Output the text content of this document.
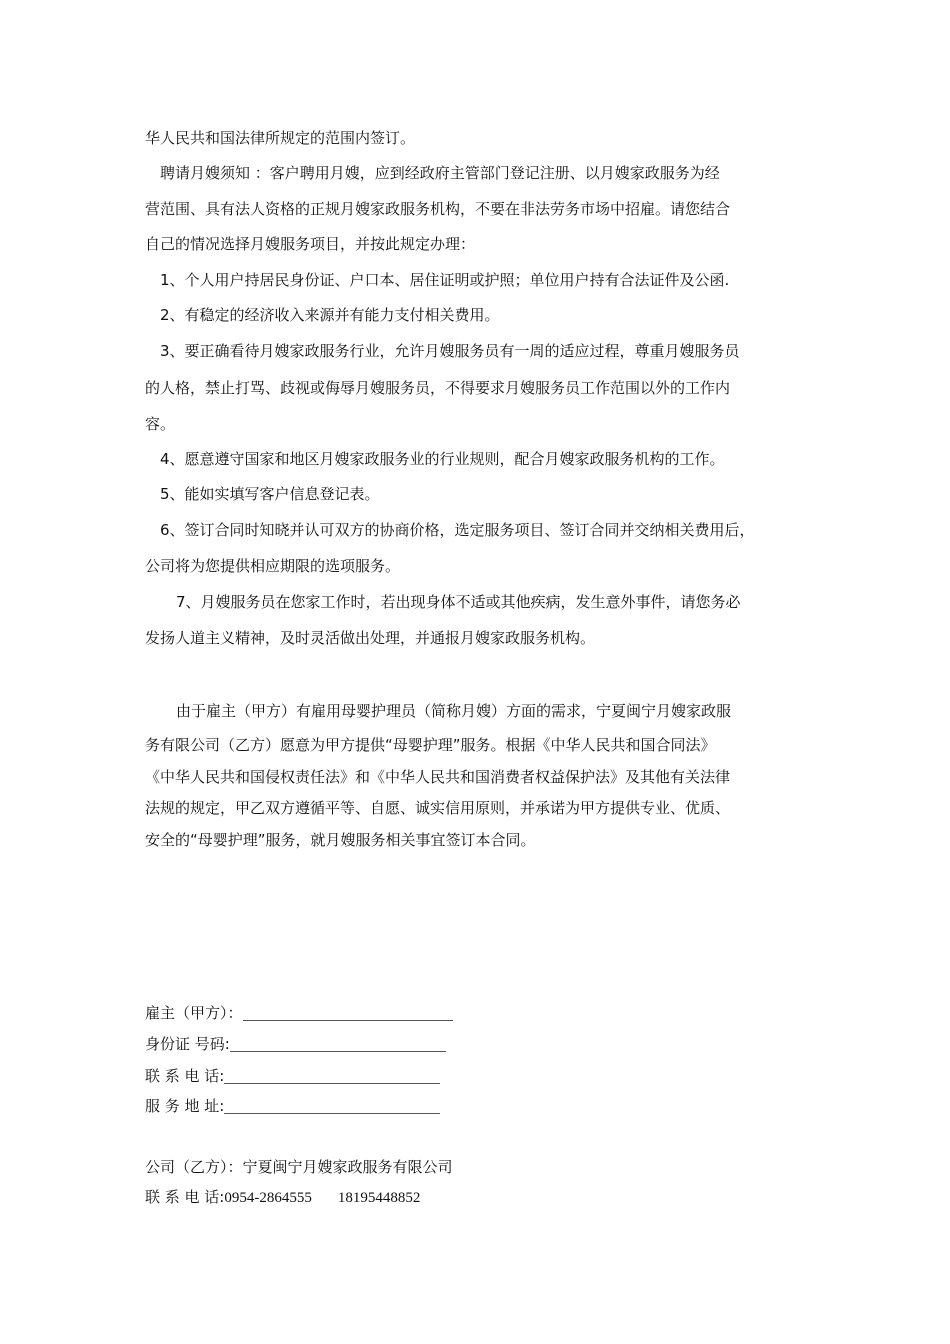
华人民共和国法律所规定的范围内签订。
聘请月嫂须知 ：客户聘用月嫂，应到经政府主管部门登记注册、以月嫂家政服务为经
营范围、具有法人资格的正规月嫂家政服务机构，不要在非法劳务市场中招雇。请您结合
自己的情况选择月嫂服务项目，并按此规定办理：
1、个人用户持居民身份证、户口本、居住证明或护照；单位用户持有合法证件及公函.
2、有稳定的经济收入来源并有能力支付相关费用。
3、要正确看待月嫂家政服务行业，允许月嫂服务员有一周的适应过程，尊重月嫂服务员
的人格，禁止打骂、歧视或侮辱月嫂服务员，不得要求月嫂服务员工作范围以外的工作内
容。
4、愿意遵守国家和地区月嫂家政服务业的行业规则，配合月嫂家政服务机构的工作。
5、能如实填写客户信息登记表。
6、签订合同时知晓并认可双方的协商价格，选定服务项目、签订合同并交纳相关费用后，
公司将为您提供相应期限的选项服务。
7、月嫂服务员在您家工作时，若出现身体不适或其他疾病，发生意外事件，请您务必
发扬人道主义精神，及时灵活做出处理，并通报月嫂家政服务机构。
由于雇主（甲方）有雇用母婴护理员（简称月嫂）方面的需求，宁夏闽宁月嫂家政服
务有限公司（乙方）愿意为甲方提供“母婴护理”服务。根据《中华人民共和国合同法》
《中华人民共和国侵权责任法》和《中华人民共和国消费者权益保护法》及其他有关法律
法规的规定，甲乙双方遵循平等、自愿、诚实信用原则，并承诺为甲方提供专业、优质、
安全的“母婴护理”服务，就月嫂服务相关事宜签订本合同。
雇主（甲方）：
身份证 号码:
联 系 电 话:
服 务 地 址:
公司（乙方）：宁夏闽宁月嫂家政服务有限公司
联 系 电 话:0954-2864555 18195448852
